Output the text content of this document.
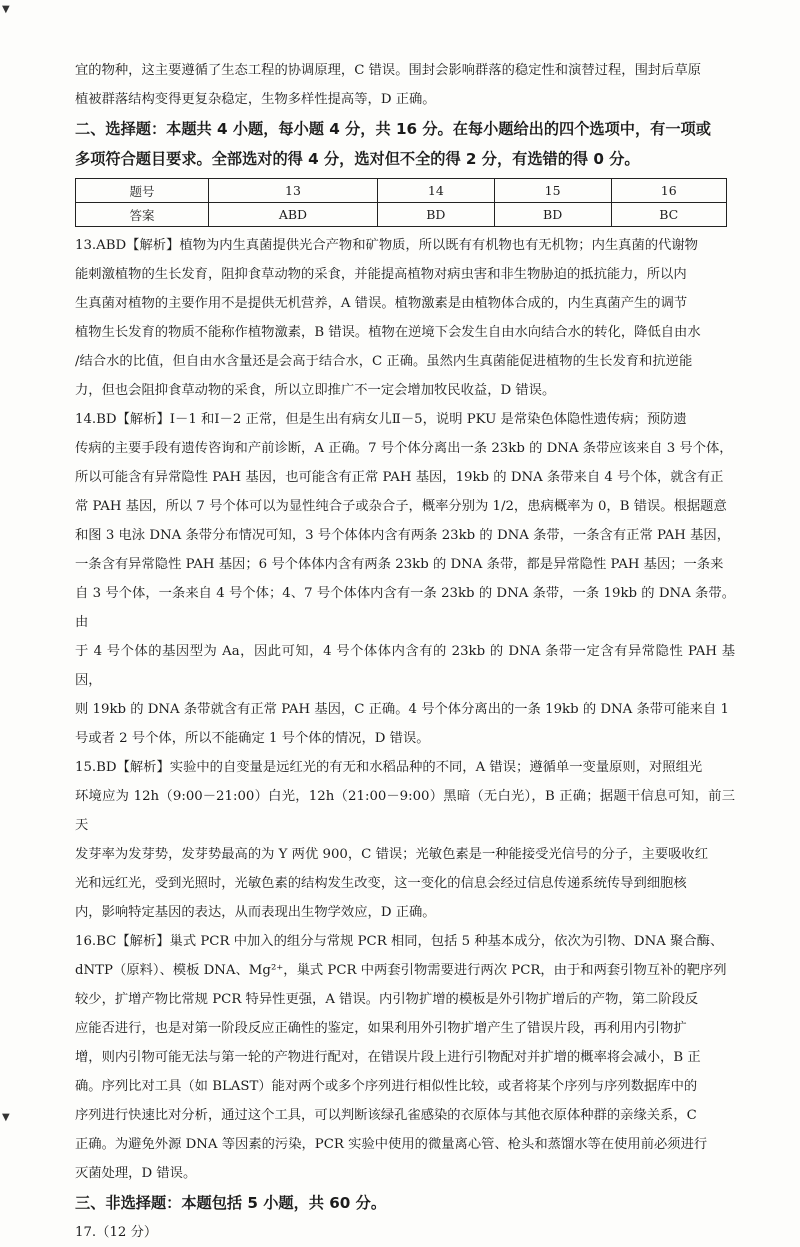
▼
▼

宜的物种，这主要遵循了生态工程的协调原理，C 错误。围封会影响群落的稳定性和演替过程，围封后草原

植被群落结构变得更复杂稳定，生物多样性提高等，D 正确。

二、选择题：本题共 4 小题，每小题 4 分，共 16 分。在每小题给出的四个选项中，有一项或

多项符合题目要求。全部选对的得 4 分，选对但不全的得 2 分，有选错的得 0 分。

题号	13	14	15	16
答案	ABD	BD	BD	BC

13.ABD【解析】植物为内生真菌提供光合产物和矿物质，所以既有有机物也有无机物；内生真菌的代谢物

能刺激植物的生长发育，阻抑食草动物的采食，并能提高植物对病虫害和非生物胁迫的抵抗能力，所以内

生真菌对植物的主要作用不是提供无机营养，A 错误。植物激素是由植物体合成的，内生真菌产生的调节

植物生长发育的物质不能称作植物激素，B 错误。植物在逆境下会发生自由水向结合水的转化，降低自由水

/结合水的比值，但自由水含量还是会高于结合水，C 正确。虽然内生真菌能促进植物的生长发育和抗逆能

力，但也会阻抑食草动物的采食，所以立即推广不一定会增加牧民收益，D 错误。

14.BD【解析】Ⅰ－1 和Ⅰ－2 正常，但是生出有病女儿Ⅱ－5，说明 PKU 是常染色体隐性遗传病；预防遗

传病的主要手段有遗传咨询和产前诊断，A 正确。7 号个体分离出一条 23kb 的 DNA 条带应该来自 3 号个体，

所以可能含有异常隐性 PAH 基因，也可能含有正常 PAH 基因，19kb 的 DNA 条带来自 4 号个体，就含有正

常 PAH 基因，所以 7 号个体可以为显性纯合子或杂合子，概率分别为 1/2，患病概率为 0，B 错误。根据题意

和图 3 电泳 DNA 条带分布情况可知，3 号个体体内含有两条 23kb 的 DNA 条带，一条含有正常 PAH 基因，

一条含有异常隐性 PAH 基因；6 号个体体内含有两条 23kb 的 DNA 条带，都是异常隐性 PAH 基因；一条来

自 3 号个体，一条来自 4 号个体；4、7 号个体体内含有一条 23kb 的 DNA 条带，一条 19kb 的 DNA 条带。由

于 4 号个体的基因型为 Aa，因此可知，4 号个体体内含有的 23kb 的 DNA 条带一定含有异常隐性 PAH 基因，

则 19kb 的 DNA 条带就含有正常 PAH 基因，C 正确。4 号个体分离出的一条 19kb 的 DNA 条带可能来自 1

号或者 2 号个体，所以不能确定 1 号个体的情况，D 错误。

15.BD【解析】实验中的自变量是远红光的有无和水稻品种的不同，A 错误；遵循单一变量原则，对照组光

环境应为 12h（9:00－21:00）白光，12h（21:00－9:00）黑暗（无白光），B 正确；据题干信息可知，前三天

发芽率为发芽势，发芽势最高的为 Y 两优 900，C 错误；光敏色素是一种能接受光信号的分子，主要吸收红

光和远红光，受到光照时，光敏色素的结构发生改变，这一变化的信息会经过信息传递系统传导到细胞核

内，影响特定基因的表达，从而表现出生物学效应，D 正确。

16.BC【解析】巢式 PCR 中加入的组分与常规 PCR 相同，包括 5 种基本成分，依次为引物、DNA 聚合酶、

dNTP（原料）、模板 DNA、Mg²⁺，巢式 PCR 中两套引物需要进行两次 PCR，由于和两套引物互补的靶序列

较少，扩增产物比常规 PCR 特异性更强，A 错误。内引物扩增的模板是外引物扩增后的产物，第二阶段反

应能否进行，也是对第一阶段反应正确性的鉴定，如果利用外引物扩增产生了错误片段，再利用内引物扩

增，则内引物可能无法与第一轮的产物进行配对，在错误片段上进行引物配对并扩增的概率将会减小，B 正

确。序列比对工具（如 BLAST）能对两个或多个序列进行相似性比较，或者将某个序列与序列数据库中的

序列进行快速比对分析，通过这个工具，可以判断该绿孔雀感染的衣原体与其他衣原体种群的亲缘关系，C

正确。为避免外源 DNA 等因素的污染，PCR 实验中使用的微量离心管、枪头和蒸馏水等在使用前必须进行

灭菌处理，D 错误。

三、非选择题：本题包括 5 小题，共 60 分。

17.（12 分）
